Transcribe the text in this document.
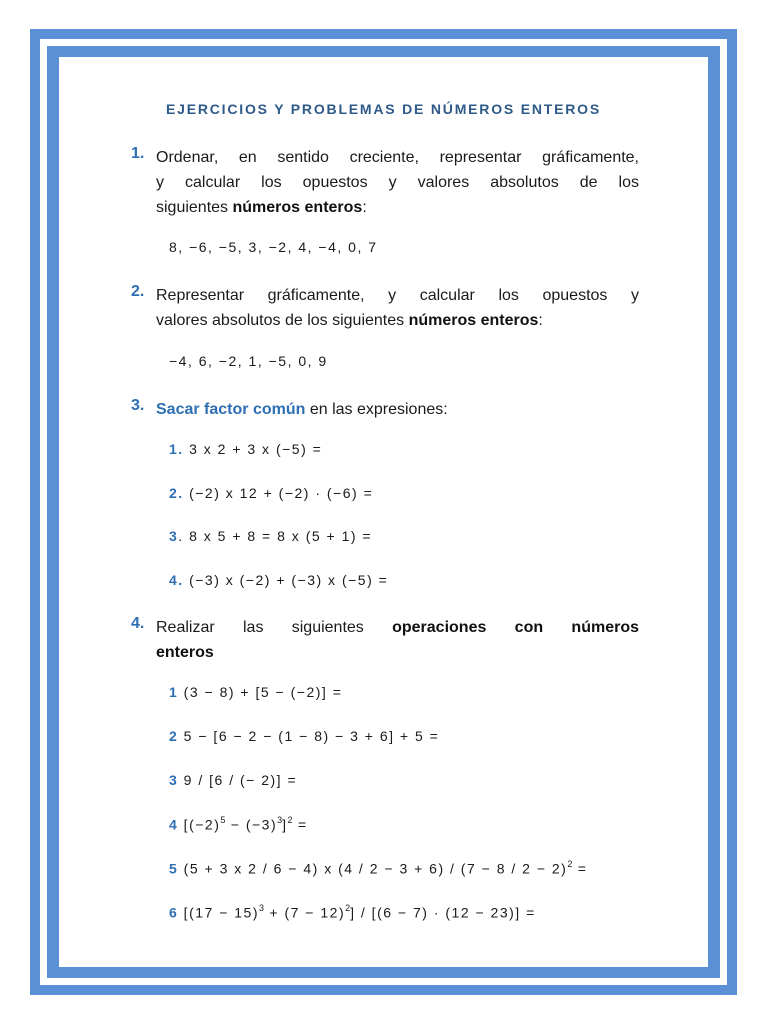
EJERCICIOS Y PROBLEMAS DE NÚMEROS ENTEROS
1. Ordenar, en sentido creciente, representar gráficamente,
y calcular los opuestos y valores absolutos de los
siguientes números enteros:
8, −6, −5, 3, −2, 4, −4, 0, 7
2. Representar gráficamente, y calcular los opuestos y
valores absolutos de los siguientes números enteros:
−4, 6, −2, 1, −5, 0, 9
3. Sacar factor común en las expresiones:
1. 3 x 2 + 3 x (−5) =
2. (−2) x 12 + (−2) · (−6) =
3. 8 x 5 + 8 = 8 x (5 + 1) =
4. (−3) x (−2) + (−3) x (−5) =
4. Realizar las siguientes operaciones con números
enteros
1 (3 − 8) + [5 − (−2)] =
2 5 − [6 − 2 − (1 − 8) − 3 + 6] + 5 =
3 9 / [6 / (− 2)] =
4 $[(-2)^5 - (-3)^3]^2$ =
5 (5 + 3 x 2 / 6 − 4) x $(4 / 2 - 3 + 6) / (7 - 8 / 2 - 2)^2$ =
6 $[(17 - 15)^3 + (7 - 12)^2] / [(6 - 7) \cdot (12 - 23)]$ =
